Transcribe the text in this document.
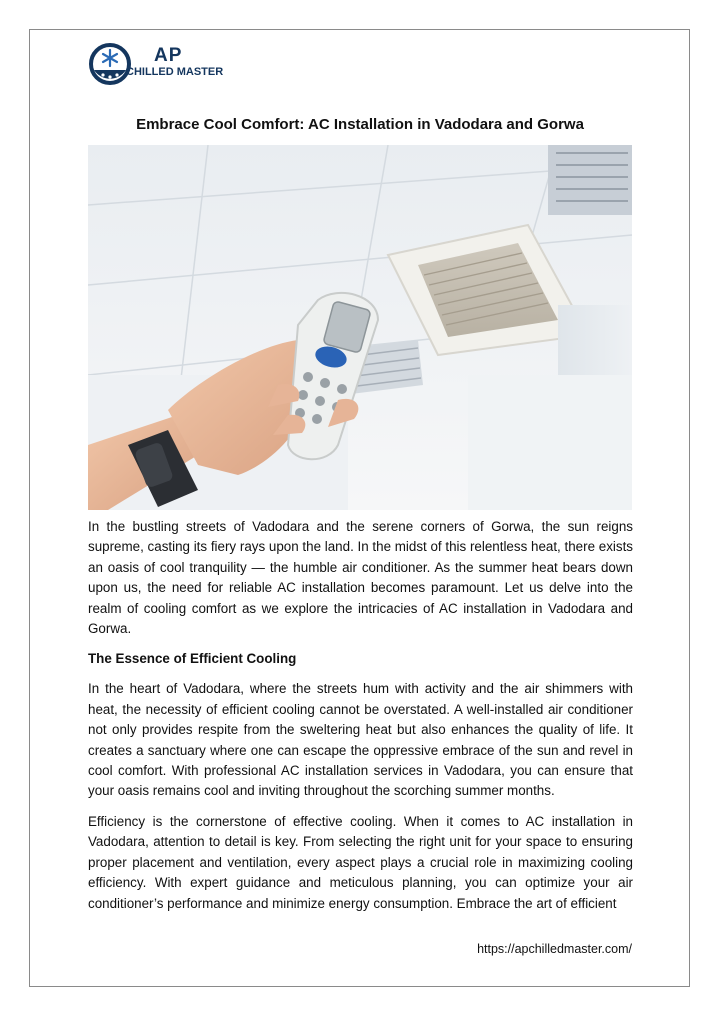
AP
CHILLED MASTER
Embrace Cool Comfort: AC Installation in Vadodara and Gorwa

In the bustling streets of Vadodara and the serene corners of Gorwa, the sun reigns supreme, casting its fiery rays upon the land. In the midst of this relentless heat, there exists an oasis of cool tranquility — the humble air conditioner. As the summer heat bears down upon us, the need for reliable AC installation becomes paramount. Let us delve into the realm of cooling comfort as we explore the intricacies of AC installation in Vadodara and Gorwa.

The Essence of Efficient Cooling

In the heart of Vadodara, where the streets hum with activity and the air shimmers with heat, the necessity of efficient cooling cannot be overstated. A well-installed air conditioner not only provides respite from the sweltering heat but also enhances the quality of life. It creates a sanctuary where one can escape the oppressive embrace of the sun and revel in cool comfort. With professional AC installation services in Vadodara, you can ensure that your oasis remains cool and inviting throughout the scorching summer months.

Efficiency is the cornerstone of effective cooling. When it comes to AC installation in Vadodara, attention to detail is key. From selecting the right unit for your space to ensuring proper placement and ventilation, every aspect plays a crucial role in maximizing cooling efficiency. With expert guidance and meticulous planning, you can optimize your air conditioner’s performance and minimize energy consumption. Embrace the art of efficient

https://apchilledmaster.com/
